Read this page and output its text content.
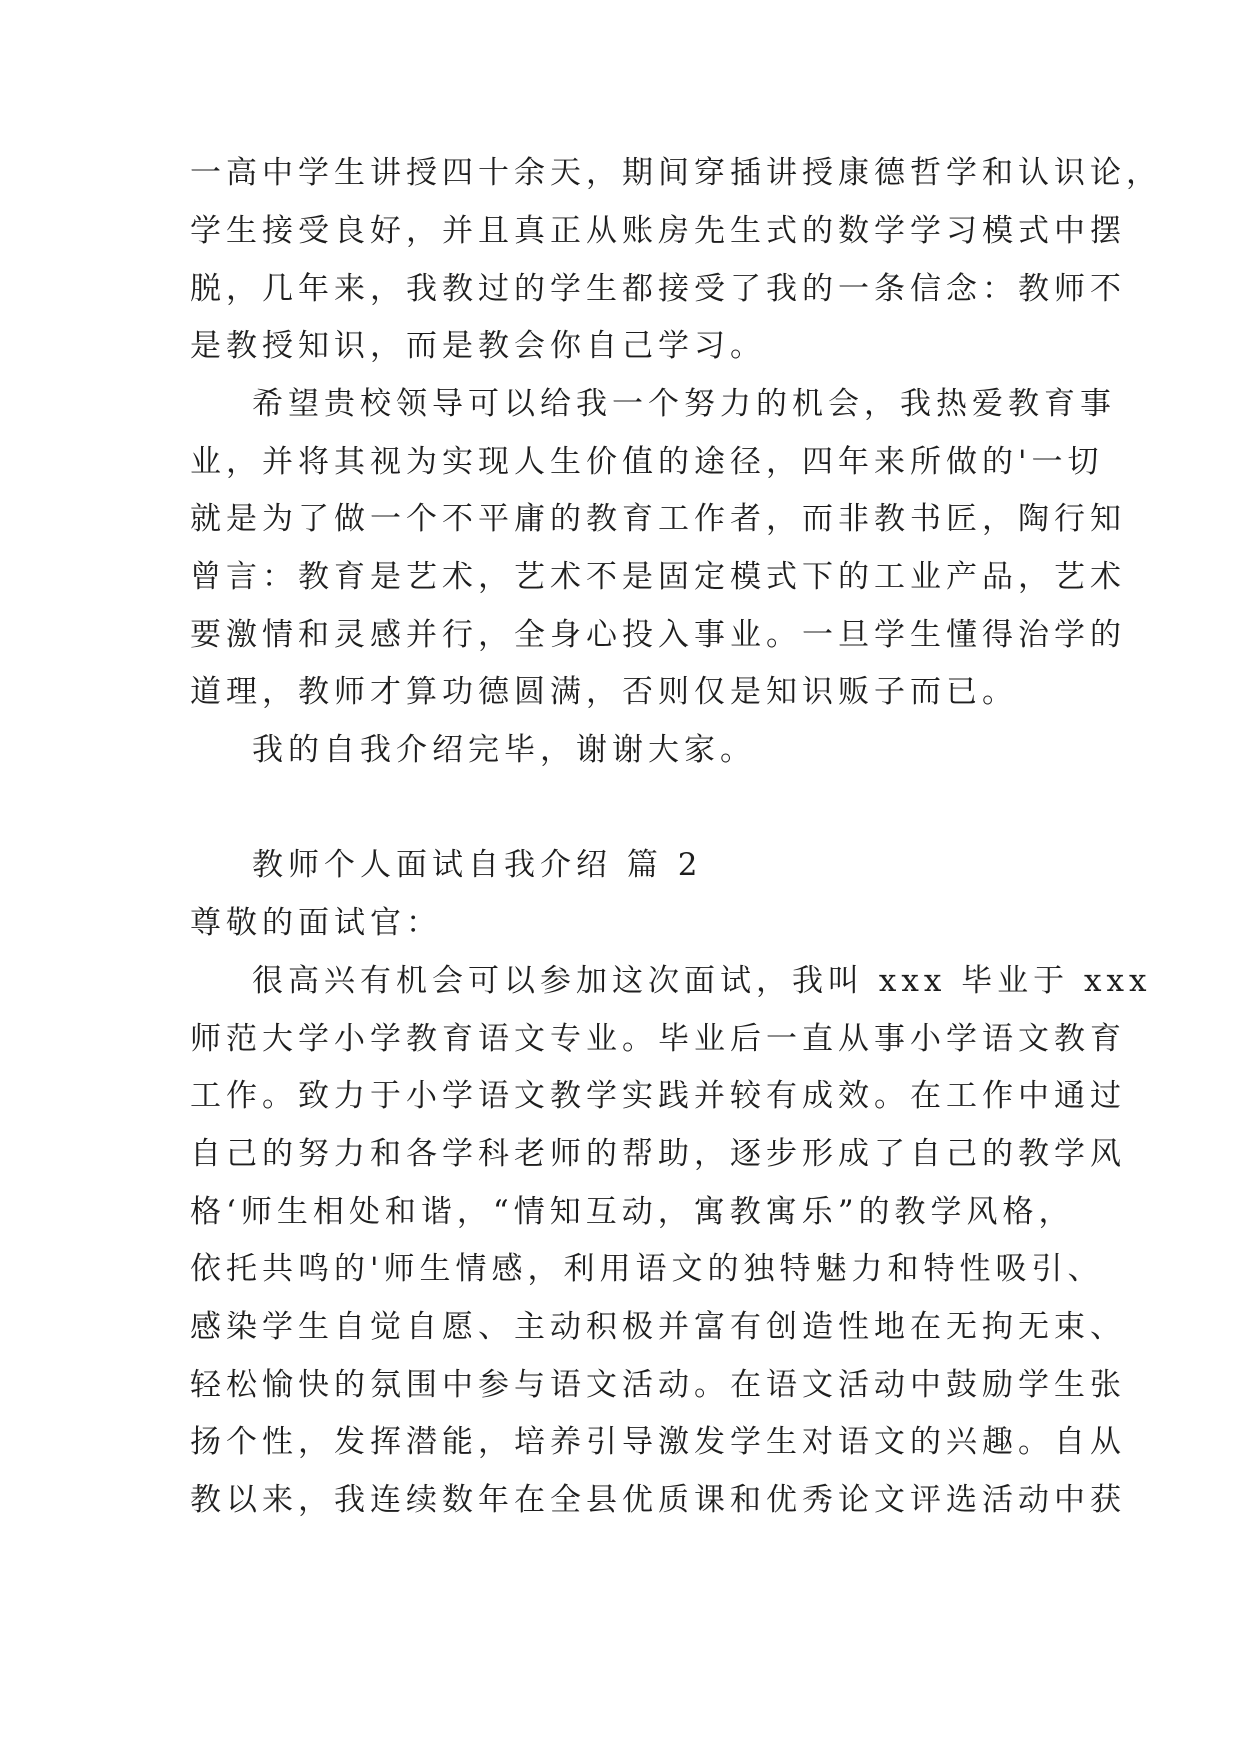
一高中学生讲授四十余天，期间穿插讲授康德哲学和认识论，
学生接受良好，并且真正从账房先生式的数学学习模式中摆
脱，几年来，我教过的学生都接受了我的一条信念：教师不
是教授知识，而是教会你自己学习。
希望贵校领导可以给我一个努力的机会，我热爱教育事
业，并将其视为实现人生价值的途径，四年来所做的'一切
就是为了做一个不平庸的教育工作者，而非教书匠，陶行知
曾言：教育是艺术，艺术不是固定模式下的工业产品，艺术
要激情和灵感并行，全身心投入事业。一旦学生懂得治学的
道理，教师才算功德圆满，否则仅是知识贩子而已。
我的自我介绍完毕，谢谢大家。
教师个人面试自我介绍 篇 2
尊敬的面试官：
很高兴有机会可以参加这次面试，我叫 xxx 毕业于 xxx
师范大学小学教育语文专业。毕业后一直从事小学语文教育
工作。致力于小学语文教学实践并较有成效。在工作中通过
自己的努力和各学科老师的帮助，逐步形成了自己的教学风
格‘师生相处和谐，“情知互动，寓教寓乐”的教学风格，
依托共鸣的'师生情感，利用语文的独特魅力和特性吸引、
感染学生自觉自愿、主动积极并富有创造性地在无拘无束、
轻松愉快的氛围中参与语文活动。在语文活动中鼓励学生张
扬个性，发挥潜能，培养引导激发学生对语文的兴趣。自从
教以来，我连续数年在全县优质课和优秀论文评选活动中获
